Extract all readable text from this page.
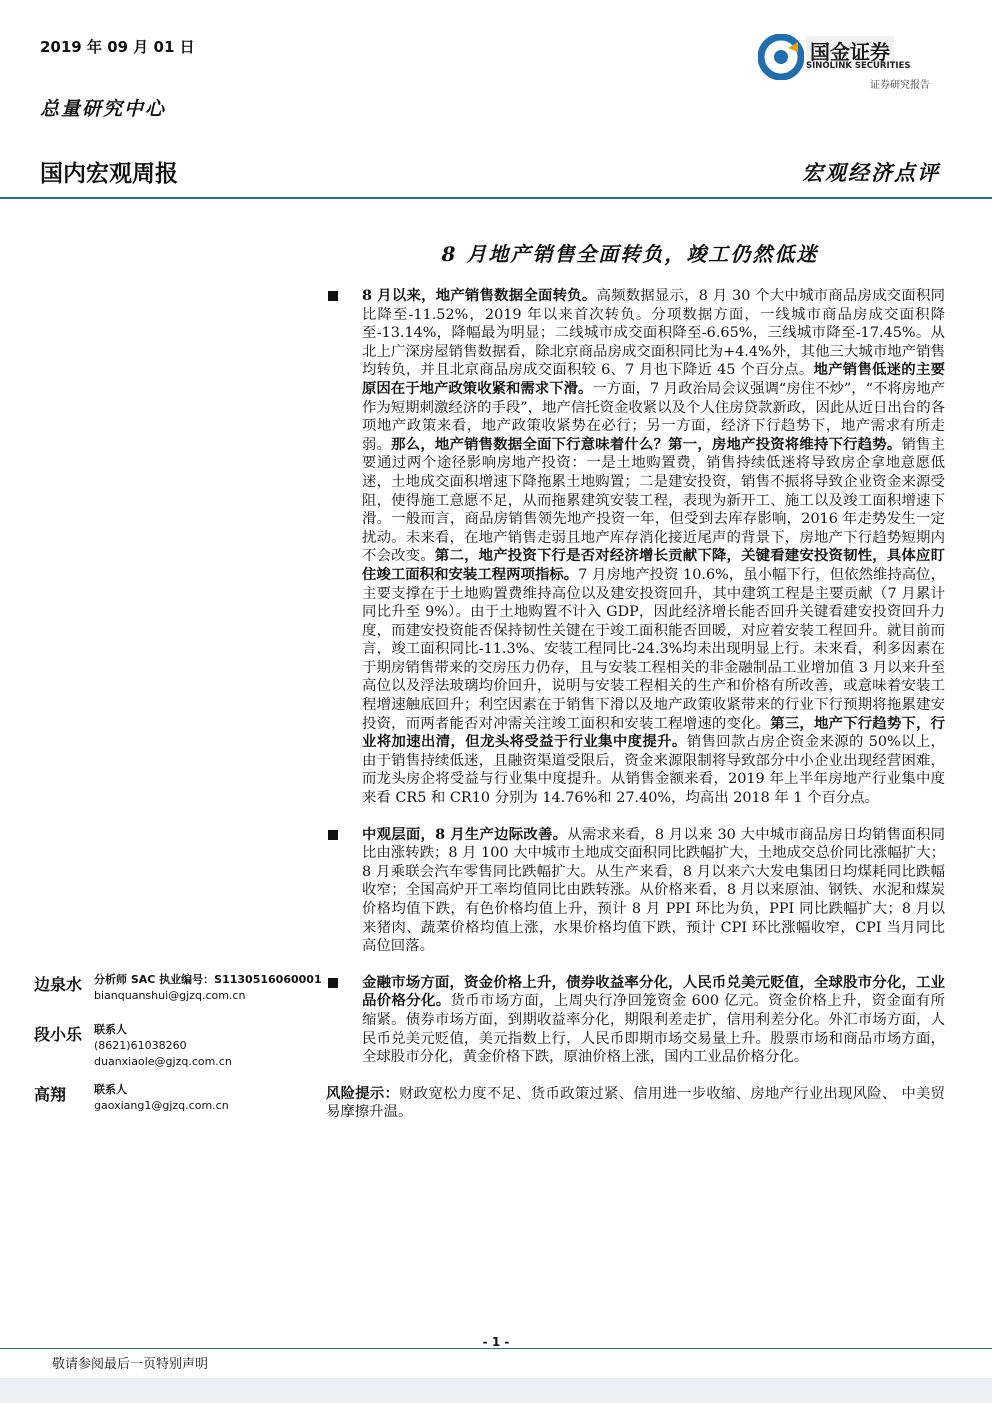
2019 年 09 月 01 日
总量研究中心
国内宏观周报	宏观经济点评
国金证券
SINOLINK SECURITIES
证券研究报告
8 月地产销售全面转负，竣工仍然低迷
8 月以来，地产销售数据全面转负。高频数据显示，8 月 30 个大中城市商品房成交面积同比降至-11.52%，2019 年以来首次转负。分项数据方面，一线城市商品房成交面积降至-13.14%，降幅最为明显；二线城市成交面积降至-6.65%，三线城市降至-17.45%。从北上广深房屋销售数据看，除北京商品房成交面积同比为+4.4%外，其他三大城市地产销售均转负，并且北京商品房成交面积较 6、7 月也下降近 45 个百分点。地产销售低迷的主要原因在于地产政策收紧和需求下滑。一方面，7 月政治局会议强调“房住不炒”，“不将房地产作为短期刺激经济的手段”，地产信托资金收紧以及个人住房贷款新政，因此从近日出台的各项地产政策来看，地产政策收紧势在必行；另一方面，经济下行趋势下，地产需求有所走弱。那么，地产销售数据全面下行意味着什么？第一，房地产投资将维持下行趋势。销售主要通过两个途径影响房地产投资：一是土地购置费，销售持续低迷将导致房企拿地意愿低迷，土地成交面积增速下降拖累土地购置；二是建安投资，销售不振将导致企业资金来源受阻，使得施工意愿不足，从而拖累建筑安装工程，表现为新开工、施工以及竣工面积增速下滑。一般而言，商品房销售领先地产投资一年，但受到去库存影响，2016 年走势发生一定扰动。未来看，在地产销售走弱且地产库存消化接近尾声的背景下，房地产下行趋势短期内不会改变。第二，地产投资下行是否对经济增长贡献下降，关键看建安投资韧性，具体应盯住竣工面积和安装工程两项指标。7 月房地产投资 10.6%，虽小幅下行，但依然维持高位，主要支撑在于土地购置费维持高位以及建安投资回升，其中建筑工程是主要贡献（7 月累计同比升至 9%）。由于土地购置不计入 GDP，因此经济增长能否回升关键看建安投资回升力度，而建安投资能否保持韧性关键在于竣工面积能否回暖，对应着安装工程回升。就目前而言，竣工面积同比-11.3%、安装工程同比-24.3%均未出现明显上行。未来看，利多因素在于期房销售带来的交房压力仍存，且与安装工程相关的非金融制品工业增加值 3 月以来升至高位以及浮法玻璃均价回升，说明与安装工程相关的生产和价格有所改善，或意味着安装工程增速触底回升；利空因素在于销售下滑以及地产政策收紧带来的行业下行预期将拖累建安投资，而两者能否对冲需关注竣工面积和安装工程增速的变化。第三，地产下行趋势下，行业将加速出清，但龙头将受益于行业集中度提升。销售回款占房企资金来源的 50%以上，由于销售持续低迷，且融资渠道受限后，资金来源限制将导致部分中小企业出现经营困难，而龙头房企将受益与行业集中度提升。从销售金额来看，2019 年上半年房地产行业集中度来看 CR5 和 CR10 分别为 14.76%和 27.40%，均高出 2018 年 1 个百分点。
中观层面，8 月生产边际改善。从需求来看，8 月以来 30 大中城市商品房日均销售面积同比由涨转跌；8 月 100 大中城市土地成交面积同比跌幅扩大，土地成交总价同比涨幅扩大；8 月乘联会汽车零售同比跌幅扩大。从生产来看，8 月以来六大发电集团日均煤耗同比跌幅收窄；全国高炉开工率均值同比由跌转涨。从价格来看，8 月以来原油、钢铁、水泥和煤炭价格均值下跌，有色价格均值上升，预计 8 月 PPI 环比为负，PPI 同比跌幅扩大；8 月以来猪肉、蔬菜价格均值上涨，水果价格均值下跌，预计 CPI 环比涨幅收窄，CPI 当月同比高位回落。
金融市场方面，资金价格上升，债券收益率分化，人民币兑美元贬值，全球股市分化，工业品价格分化。货币市场方面，上周央行净回笼资金 600 亿元。资金价格上升，资金面有所缩紧。债券市场方面，到期收益率分化，期限利差走扩，信用利差分化。外汇市场方面，人民币兑美元贬值，美元指数上行，人民币即期市场交易量上升。股票市场和商品市场方面，全球股市分化，黄金价格下跌，原油价格上涨，国内工业品价格分化。
风险提示：财政宽松力度不足、货币政策过紧、信用进一步收缩、房地产行业出现风险、 中美贸易摩擦升温。
边泉水 分析师 SAC 执业编号：S1130516060001
bianquanshui@gjzq.com.cn
段小乐 联系人
(8621)61038260
duanxiaole@gjzq.com.cn
高翔	联系人
gaoxiang1@gjzq.com.cn
- 1 -
敬请参阅最后一页特别声明
